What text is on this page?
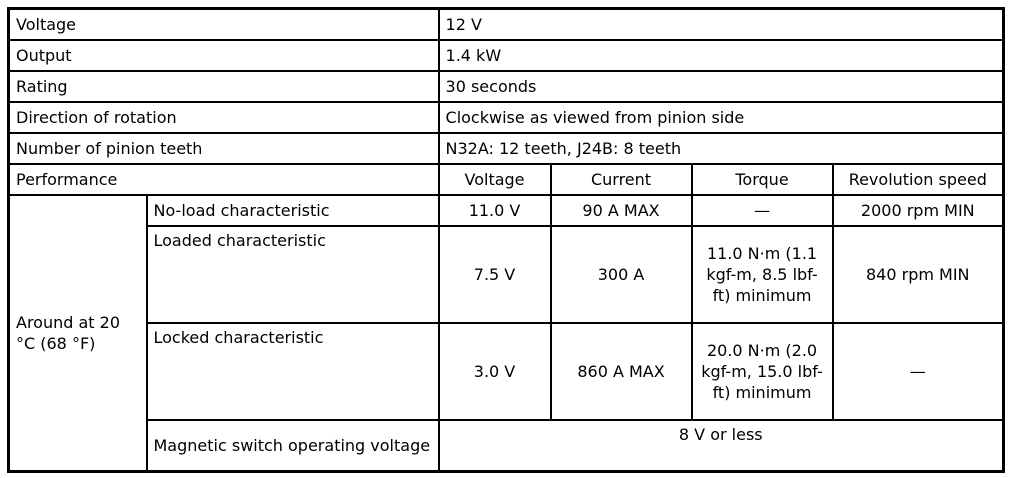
Voltage		12 V			
Output		1.4 kW			
Rating		30 seconds			
Direction of rotation		Clockwise as viewed from pinion side			
Number of pinion teeth		N32A: 12 teeth, J24B: 8 teeth			
Performance		Voltage	Current	Torque	Revolution speed
Around at 20 °C (68 °F)	No-load characteristic	11.0 V	90 A MAX	—	2000 rpm MIN
	Loaded characteristic	7.5 V	300 A	11.0 N·m (1.1 kgf-m, 8.5 lbf-ft) minimum	840 rpm MIN
	Locked characteristic	3.0 V	860 A MAX	20.0 N·m (2.0 kgf-m, 15.0 lbf-ft) minimum	—
	Magnetic switch operating voltage	8 V or less			
